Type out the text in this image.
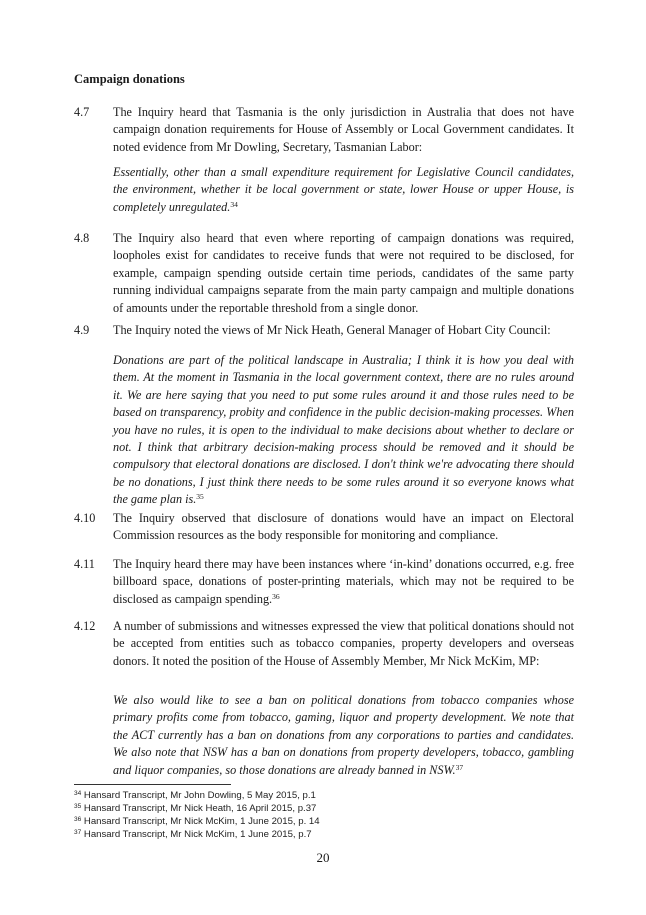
Campaign donations
4.7 The Inquiry heard that Tasmania is the only jurisdiction in Australia that does not have campaign donation requirements for House of Assembly or Local Government candidates. It noted evidence from Mr Dowling, Secretary, Tasmanian Labor:
Essentially, other than a small expenditure requirement for Legislative Council candidates, the environment, whether it be local government or state, lower House or upper House, is completely unregulated.$^{34}$
4.8 The Inquiry also heard that even where reporting of campaign donations was required, loopholes exist for candidates to receive funds that were not required to be disclosed, for example, campaign spending outside certain time periods, candidates of the same party running individual campaigns separate from the main party campaign and multiple donations of amounts under the reportable threshold from a single donor.
4.9 The Inquiry noted the views of Mr Nick Heath, General Manager of Hobart City Council:
Donations are part of the political landscape in Australia; I think it is how you deal with them. At the moment in Tasmania in the local government context, there are no rules around it. We are here saying that you need to put some rules around it and those rules need to be based on transparency, probity and confidence in the public decision-making processes. When you have no rules, it is open to the individual to make decisions about whether to declare or not. I think that arbitrary decision-making process should be removed and it should be compulsory that electoral donations are disclosed. I don't think we're advocating there should be no donations, I just think there needs to be some rules around it so everyone knows what the game plan is.$^{35}$
4.10 The Inquiry observed that disclosure of donations would have an impact on Electoral Commission resources as the body responsible for monitoring and compliance.
4.11 The Inquiry heard there may have been instances where ‘in-kind’ donations occurred, e.g. free billboard space, donations of poster-printing materials, which may not be required to be disclosed as campaign spending.$^{36}$
4.12 A number of submissions and witnesses expressed the view that political donations should not be accepted from entities such as tobacco companies, property developers and overseas donors. It noted the position of the House of Assembly Member, Mr Nick McKim, MP:
We also would like to see a ban on political donations from tobacco companies whose primary profits come from tobacco, gaming, liquor and property development. We note that the ACT currently has a ban on donations from any corporations to parties and candidates. We also note that NSW has a ban on donations from property developers, tobacco, gambling and liquor companies, so those donations are already banned in NSW.$^{37}$
$^{34}$ Hansard Transcript, Mr John Dowling, 5 May 2015, p.1
$^{35}$ Hansard Transcript, Mr Nick Heath, 16 April 2015, p.37
$^{36}$ Hansard Transcript, Mr Nick McKim, 1 June 2015, p. 14
$^{37}$ Hansard Transcript, Mr Nick McKim, 1 June 2015, p.7
20
